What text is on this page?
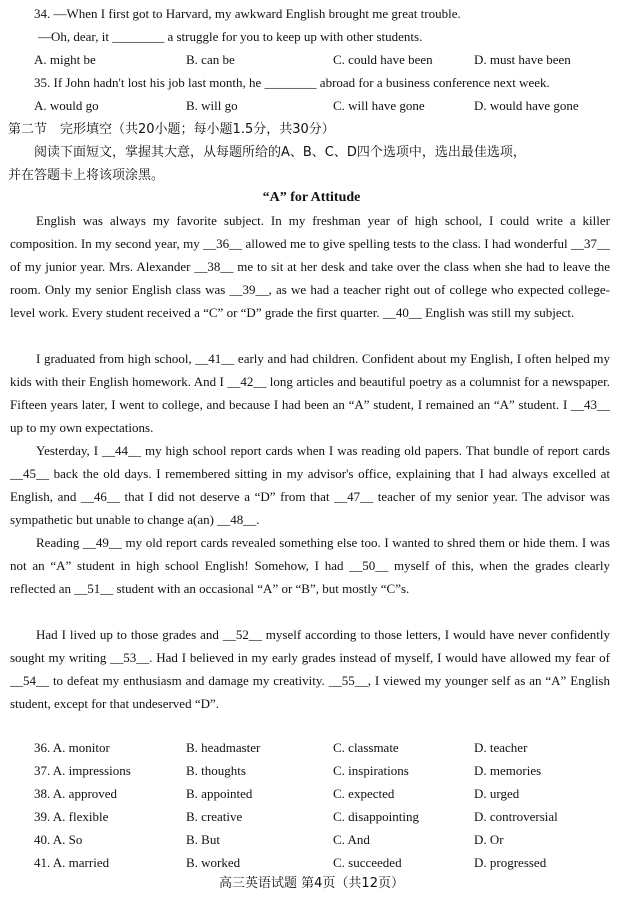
34. —When I first got to Harvard, my awkward English brought me great trouble.
—Oh, dear, it ________ a struggle for you to keep up with other students.
A. might be	B. can be	C. could have been	D. must have been
35. If John hadn't lost his job last month, he ________ abroad for a business conference next week.
A. would go	B. will go	C. will have gone	D. would have gone
第二节　完形填空（共20小题；每小题1.5分，共30分）
阅读下面短文，掌握其大意，从每题所给的A、B、C、D四个选项中，选出最佳选项，
并在答题卡上将该项涂黑。
“A” for Attitude
English was always my favorite subject. In my freshman year of high school, I could write a killer composition. In my second year, my __36__ allowed me to give spelling tests to the class. I had wonderful __37__ of my junior year. Mrs. Alexander __38__ me to sit at her desk and take over the class when she had to leave the room. Only my senior English class was __39__, as we had a teacher right out of college who expected college-level work. Every student received a “C” or “D” grade the first quarter. __40__ English was still my subject.
I graduated from high school, __41__ early and had children. Confident about my English, I often helped my kids with their English homework. And I __42__ long articles and beautiful poetry as a columnist for a newspaper. Fifteen years later, I went to college, and because I had been an “A” student, I remained an “A” student. I __43__ up to my own expectations.
Yesterday, I __44__ my high school report cards when I was reading old papers. That bundle of report cards __45__ back the old days. I remembered sitting in my advisor's office, explaining that I had always excelled at English, and __46__ that I did not deserve a “D” from that __47__ teacher of my senior year. The advisor was sympathetic but unable to change a(an) __48__.
Reading __49__ my old report cards revealed something else too. I wanted to shred them or hide them. I was not an “A” student in high school English! Somehow, I had __50__ myself of this, when the grades clearly reflected an __51__ student with an occasional “A” or “B”, but mostly “C”s.
Had I lived up to those grades and __52__ myself according to those letters, I would have never confidently sought my writing __53__. Had I believed in my early grades instead of myself, I would have allowed my fear of __54__ to defeat my enthusiasm and damage my creativity. __55__, I viewed my younger self as an “A” English student, except for that undeserved “D”.
36. A. monitor	B. headmaster	C. classmate	D. teacher
37. A. impressions	B. thoughts	C. inspirations	D. memories
38. A. approved	B. appointed	C. expected	D. urged
39. A. flexible	B. creative	C. disappointing	D. controversial
40. A. So	B. But	C. And	D. Or
41. A. married	B. worked	C. succeeded	D. progressed
高三英语试题 第4页（共12页）
